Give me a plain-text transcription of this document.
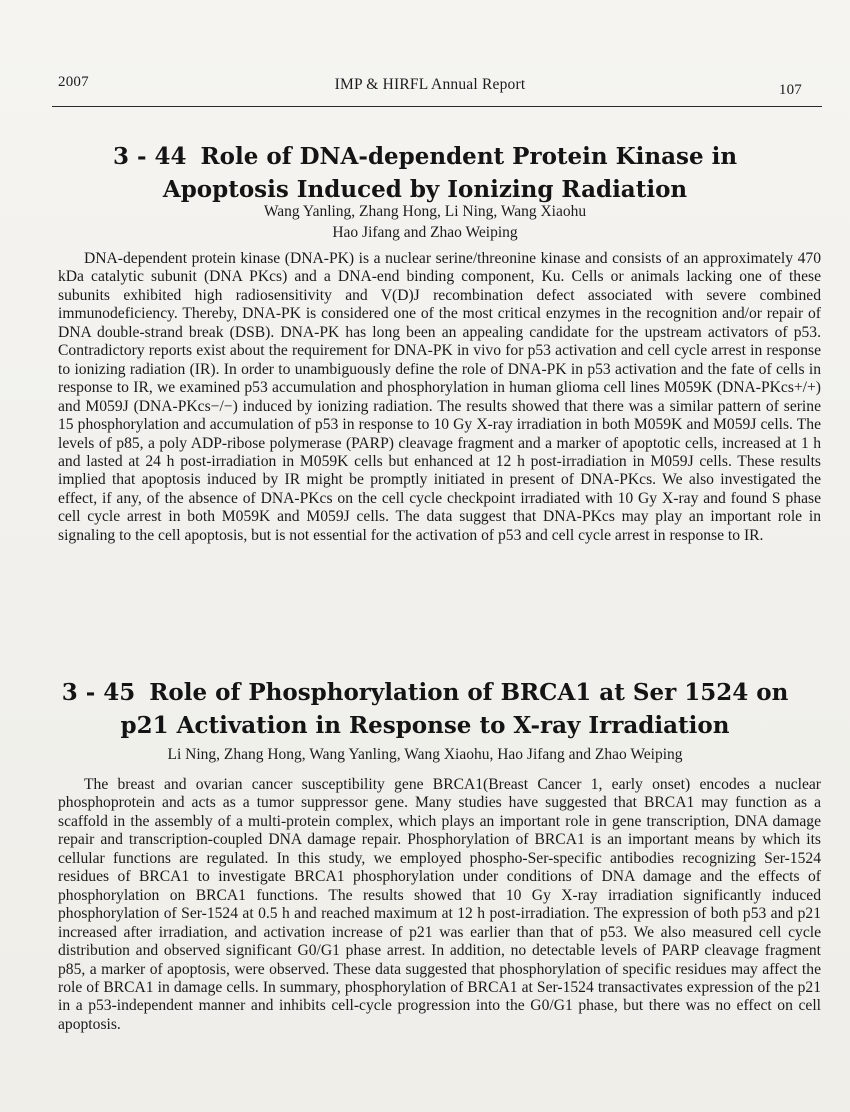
2007	IMP & HIRFL Annual Report	107
3 - 44 Role of DNA-dependent Protein Kinase in
Apoptosis Induced by Ionizing Radiation
Wang Yanling, Zhang Hong, Li Ning, Wang Xiaohu
Hao Jifang and Zhao Weiping

DNA-dependent protein kinase (DNA-PK) is a nuclear serine/threonine kinase and consists of an approximately 470 kDa catalytic subunit (DNA PKcs) and a DNA-end binding component, Ku. Cells or animals lacking one of these subunits exhibited high radiosensitivity and V(D)J recombination defect associated with severe combined immunodeficiency. Thereby, DNA-PK is considered one of the most critical enzymes in the recognition and/or repair of DNA double-strand break (DSB). DNA-PK has long been an appealing candidate for the upstream activators of p53. Contradictory reports exist about the requirement for DNA-PK in vivo for p53 activation and cell cycle arrest in response to ionizing radiation (IR). In order to unambiguously define the role of DNA-PK in p53 activation and the fate of cells in response to IR, we examined p53 accumulation and phosphorylation in human glioma cell lines M059K (DNA-PKcs+/+) and M059J (DNA-PKcs−/−) induced by ionizing radiation. The results showed that there was a similar pattern of serine 15 phosphorylation and accumulation of p53 in response to 10 Gy X-ray irradiation in both M059K and M059J cells. The levels of p85, a poly ADP-ribose polymerase (PARP) cleavage fragment and a marker of apoptotic cells, increased at 1 h and lasted at 24 h post-irradiation in M059K cells but enhanced at 12 h post-irradiation in M059J cells. These results implied that apoptosis induced by IR might be promptly initiated in present of DNA-PKcs. We also investigated the effect, if any, of the absence of DNA-PKcs on the cell cycle checkpoint irradiated with 10 Gy X-ray and found S phase cell cycle arrest in both M059K and M059J cells. The data suggest that DNA-PKcs may play an important role in signaling to the cell apoptosis, but is not essential for the activation of p53 and cell cycle arrest in response to IR.

3 - 45 Role of Phosphorylation of BRCA1 at Ser 1524 on
p21 Activation in Response to X-ray Irradiation
Li Ning, Zhang Hong, Wang Yanling, Wang Xiaohu, Hao Jifang and Zhao Weiping

The breast and ovarian cancer susceptibility gene BRCA1(Breast Cancer 1, early onset) encodes a nuclear phosphoprotein and acts as a tumor suppressor gene. Many studies have suggested that BRCA1 may function as a scaffold in the assembly of a multi-protein complex, which plays an important role in gene transcription, DNA damage repair and transcription-coupled DNA damage repair. Phosphorylation of BRCA1 is an important means by which its cellular functions are regulated. In this study, we employed phospho-Ser-specific antibodies recognizing Ser-1524 residues of BRCA1 to investigate BRCA1 phosphorylation under conditions of DNA damage and the effects of phosphorylation on BRCA1 functions. The results showed that 10 Gy X-ray irradiation significantly induced phosphorylation of Ser-1524 at 0.5 h and reached maximum at 12 h post-irradiation. The expression of both p53 and p21 increased after irradiation, and activation increase of p21 was earlier than that of p53. We also measured cell cycle distribution and observed significant G0/G1 phase arrest. In addition, no detectable levels of PARP cleavage fragment p85, a marker of apoptosis, were observed. These data suggested that phosphorylation of specific residues may affect the role of BRCA1 in damage cells. In summary, phosphorylation of BRCA1 at Ser-1524 transactivates expression of the p21 in a p53-independent manner and inhibits cell-cycle progression into the G0/G1 phase, but there was no effect on cell apoptosis.
